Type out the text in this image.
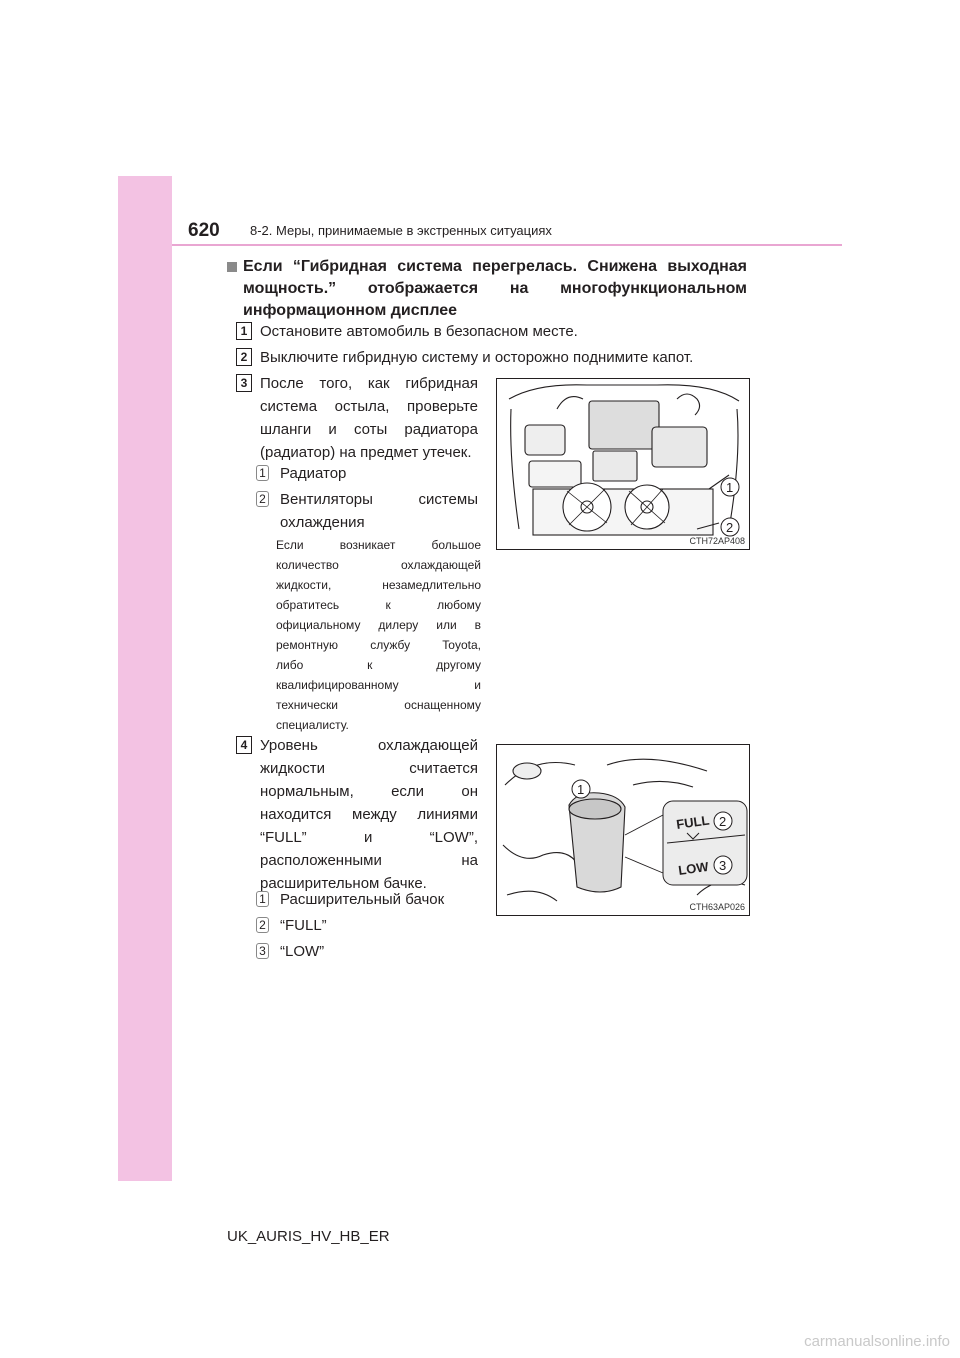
620 8-2. Меры, принимаемые в экстренных ситуациях
Если “Гибридная система перегрелась. Снижена выходная
мощность.” отображается на многофункциональном
информационном дисплее
1 Остановите автомобиль в безопасном месте.
2 Выключите гибридную систему и осторожно поднимите капот.
3 После того, как гибридная
система остыла, проверьте
шланги и соты радиатора
(радиатор) на предмет утечек.
1 Радиатор
2 Вентиляторы системы
охлаждения
Если возникает большое
количество охлаждающей
жидкости, незамедлительно
обратитесь к любому
официальному дилеру или в
ремонтную службу Toyota,
либо к другому
квалифицированному и
технически оснащенному
специалисту.
1
2
CTH72AP408
4 Уровень охлаждающей
жидкости считается
нормальным, если он
находится между линиями
“FULL” и “LOW”,
расположенными на
расширительном бачке.
1 Расширительный бачок
2 “FULL”
3 “LOW”
FULL
LOW
1
2
3
CTH63AP026
UK_AURIS_HV_HB_ER
carmanualsonline.info
